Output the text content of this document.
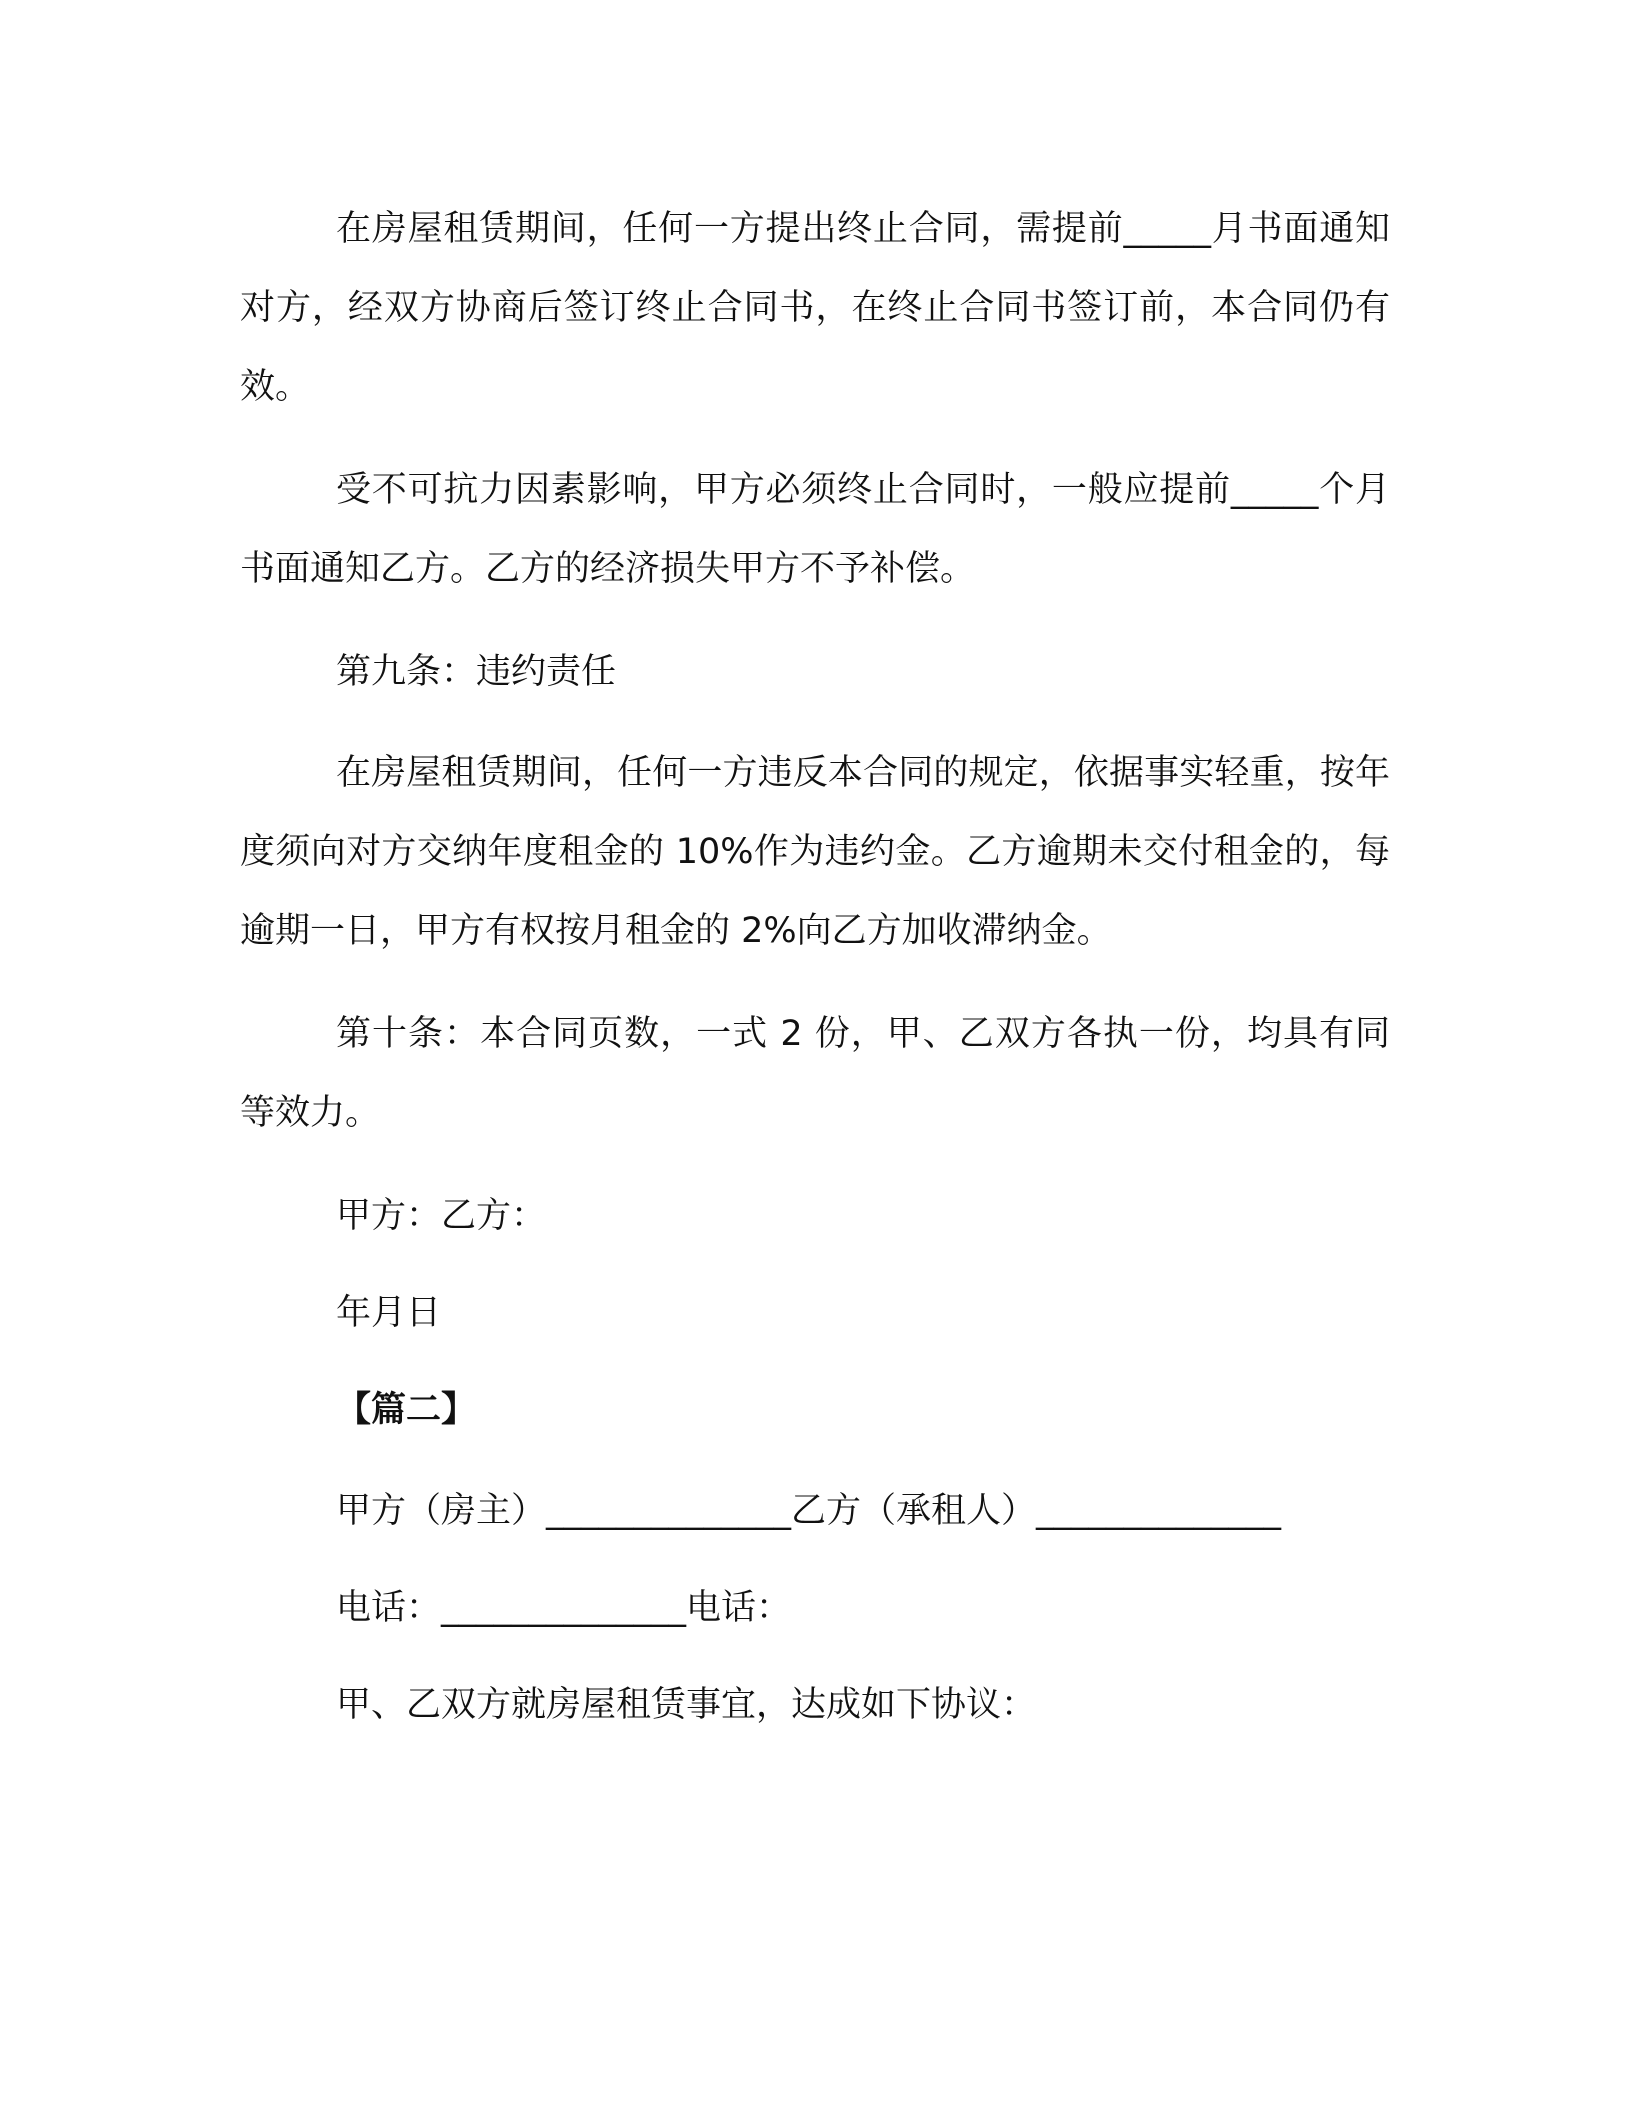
在房屋租赁期间，任何一方提出终止合同，需提前_____月书面通知对方，经双方协商后签订终止合同书，在终止合同书签订前，本合同仍有效。

受不可抗力因素影响，甲方必须终止合同时，一般应提前_____个月书面通知乙方。乙方的经济损失甲方不予补偿。

第九条：违约责任

在房屋租赁期间，任何一方违反本合同的规定，依据事实轻重，按年度须向对方交纳年度租金的 10%作为违约金。乙方逾期未交付租金的，每逾期一日，甲方有权按月租金的 2%向乙方加收滞纳金。

第十条：本合同页数，一式 2 份，甲、乙双方各执一份，均具有同等效力。

甲方：乙方：

年月日

【篇二】

甲方（房主）______________乙方（承租人）______________

电话：______________电话：

甲、乙双方就房屋租赁事宜，达成如下协议：
